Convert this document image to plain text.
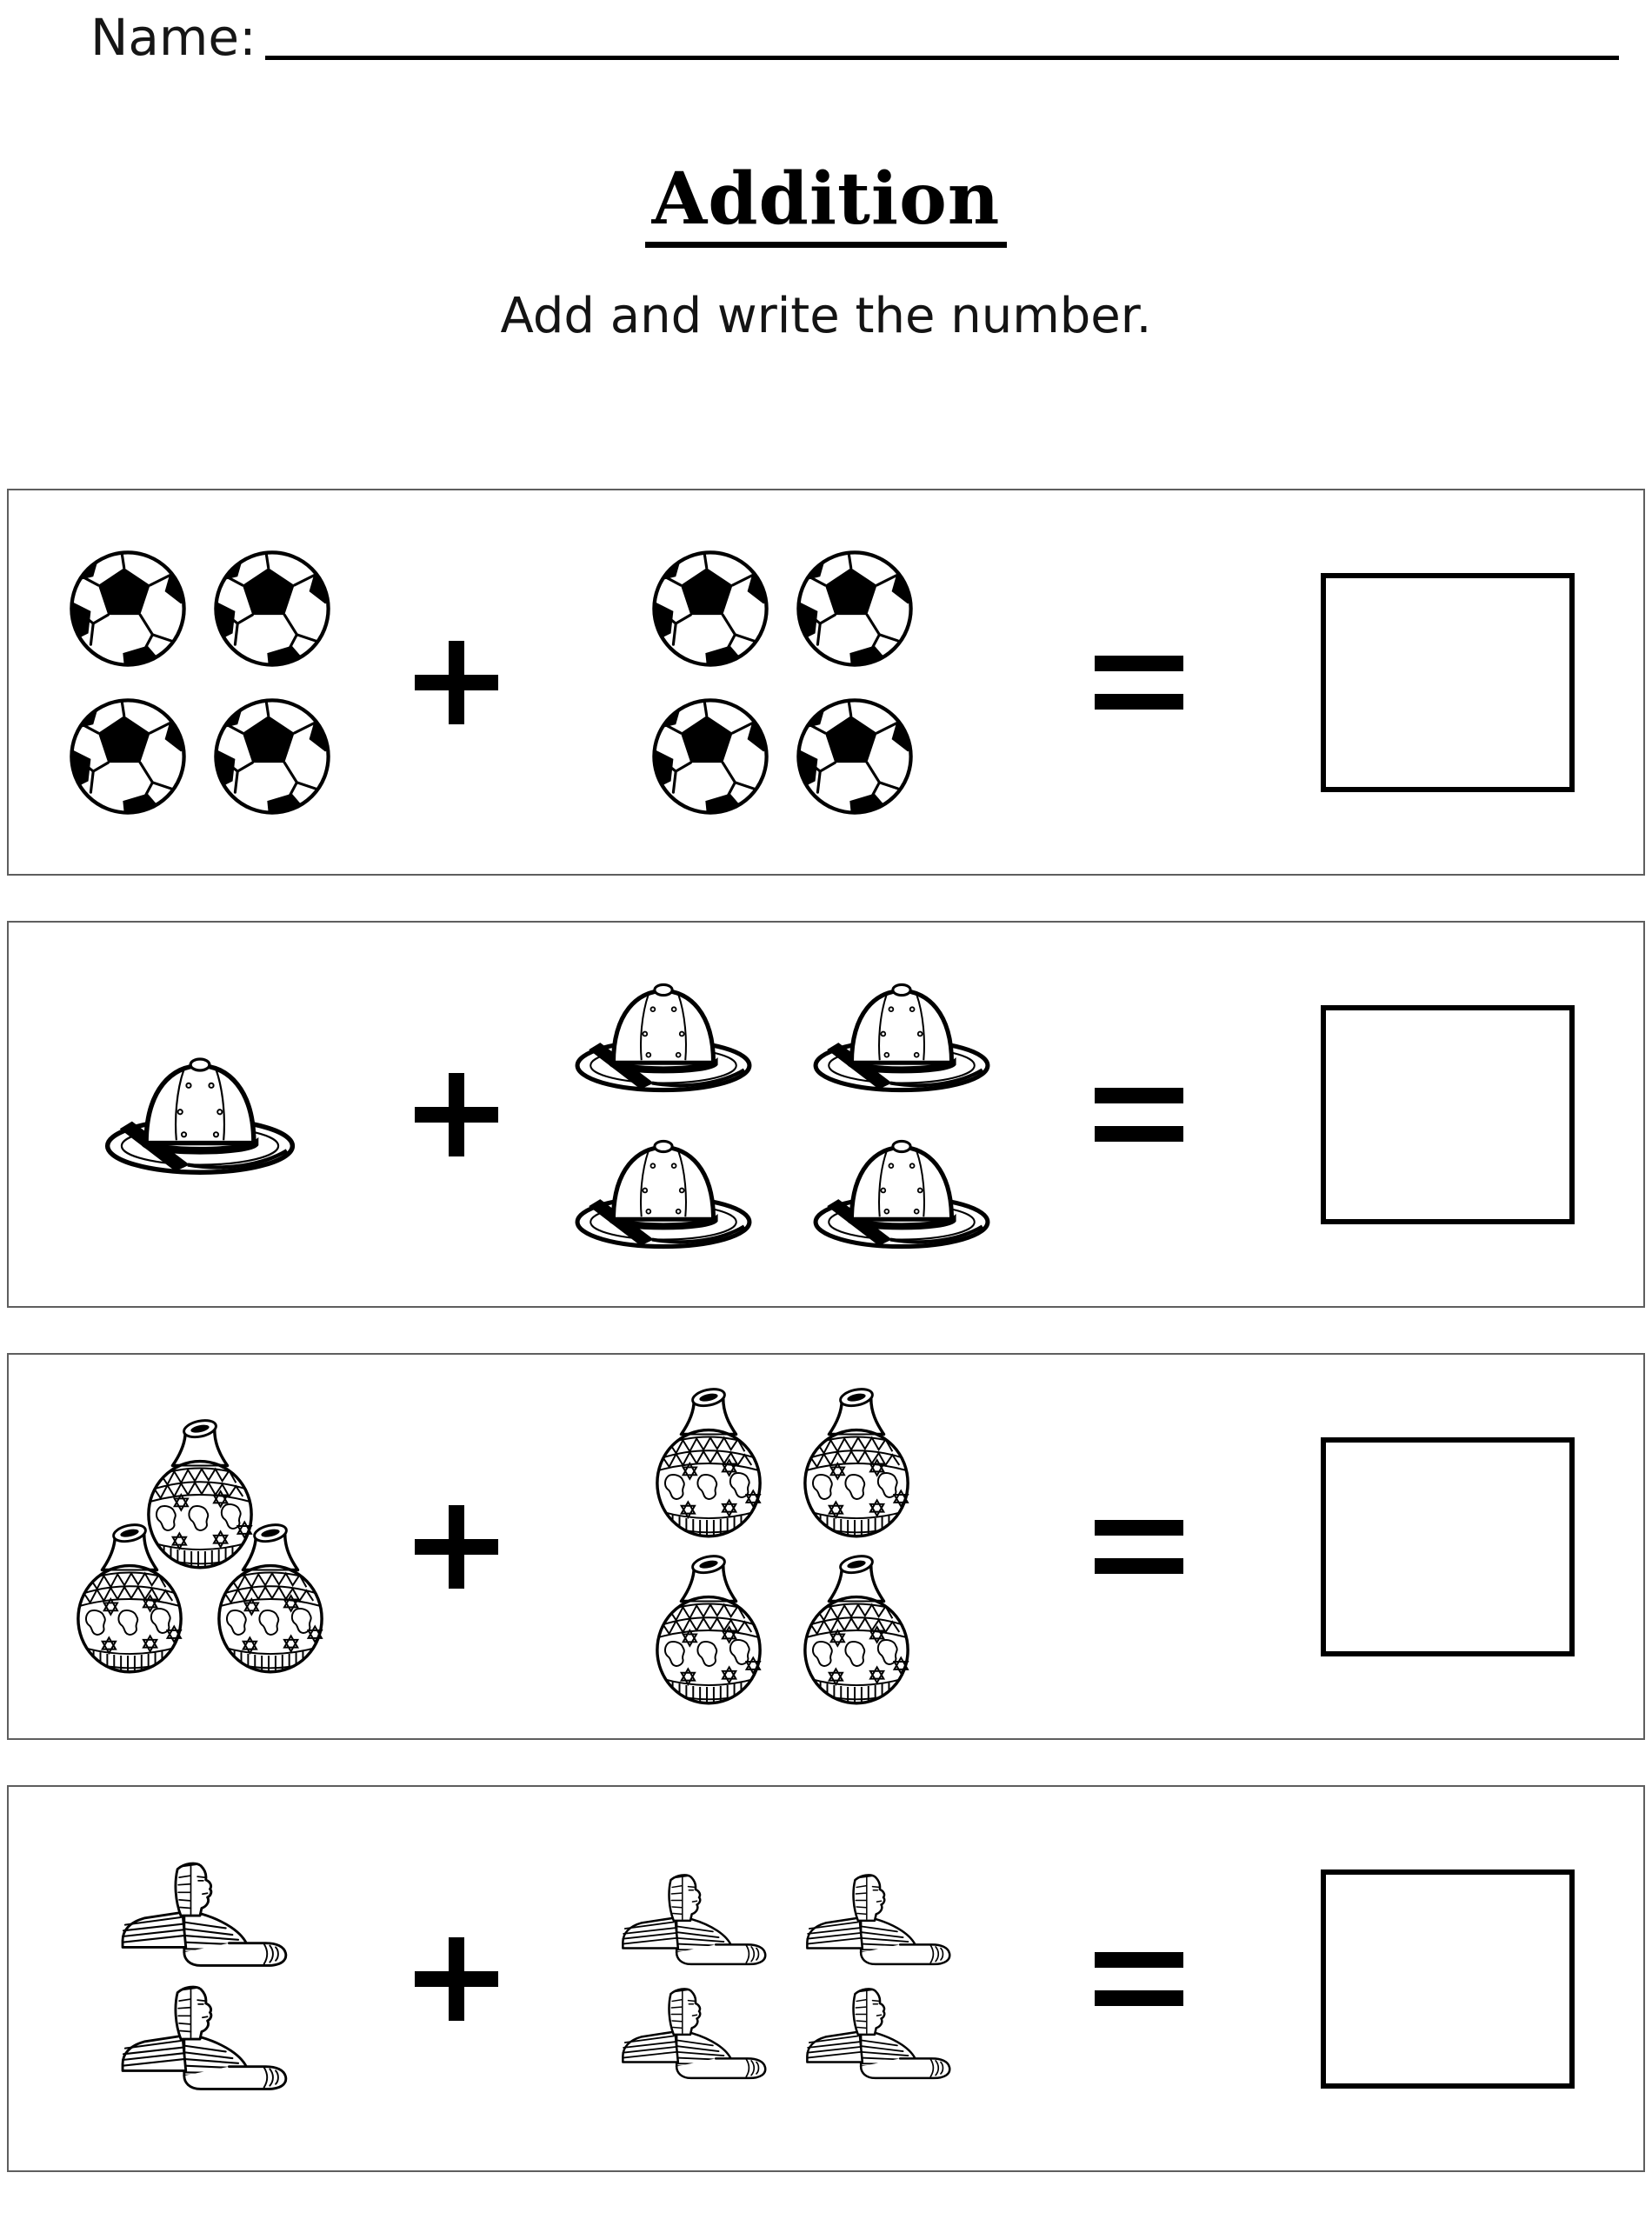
Name:
Addition
Add and write the number.
